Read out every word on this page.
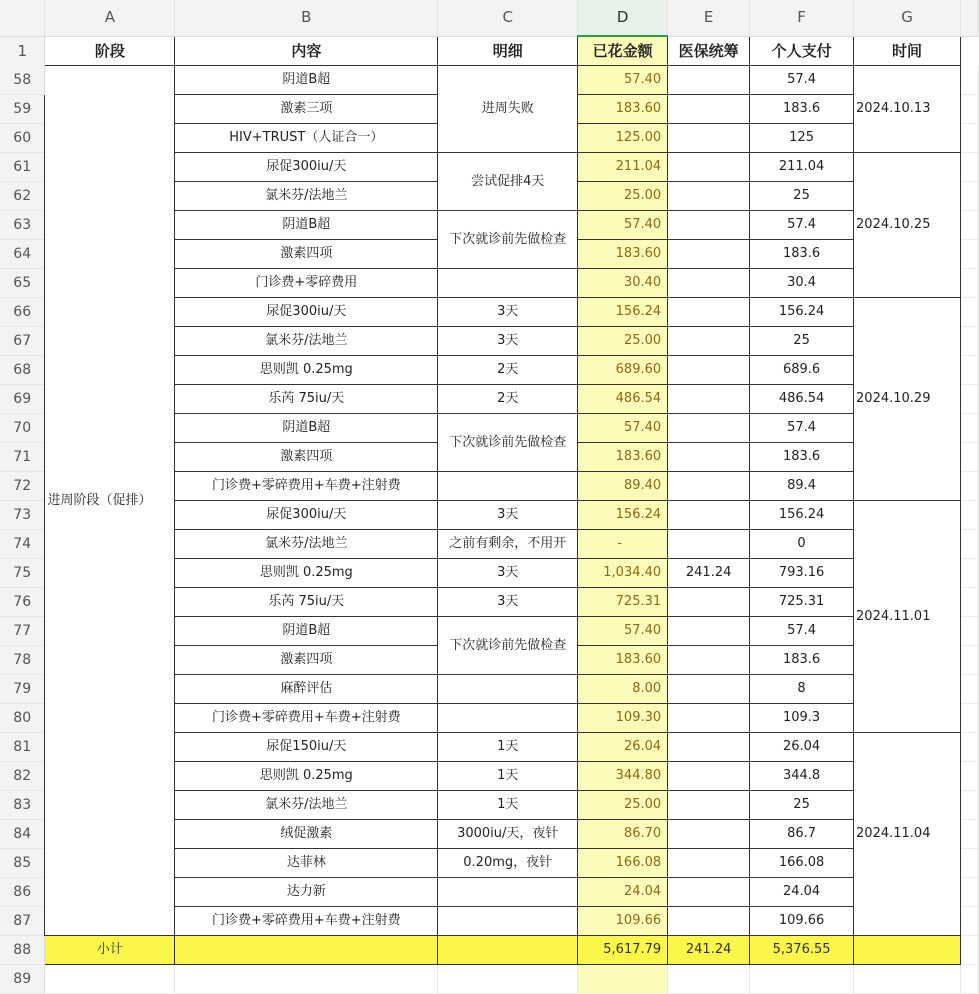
	A	B	C	D	E	F	G	
1	阶段	内容	明细	已花金额	医保统筹	个人支付	时间	
58	进周阶段（促排）	阴道B超	进周失败	57.40		57.4	2024.10.13	
59		激素三项		183.60		183.6		
60		HIV+TRUST（人证合一）		125.00		125		
61		尿促300iu/天	尝试促排4天	211.04		211.04	2024.10.25	
62		氯米芬/法地兰		25.00		25		
63		阴道B超	下次就诊前先做检查	57.40		57.4		
64		激素四项		183.60		183.6		
65		门诊费+零碎费用		30.40		30.4		
66		尿促300iu/天	3天	156.24		156.24	2024.10.29	
67		氯米芬/法地兰	3天	25.00		25		
68		思则凯 0.25mg	2天	689.60		689.6		
69		乐芮 75iu/天	2天	486.54		486.54		
70		阴道B超	下次就诊前先做检查	57.40		57.4		
71		激素四项		183.60		183.6		
72		门诊费+零碎费用+车费+注射费		89.40		89.4		
73		尿促300iu/天	3天	156.24		156.24	2024.11.01	
74		氯米芬/法地兰	之前有剩余，不用开	-		0		
75		思则凯 0.25mg	3天	1,034.40	241.24	793.16		
76		乐芮 75iu/天	3天	725.31		725.31		
77		阴道B超	下次就诊前先做检查	57.40		57.4		
78		激素四项		183.60		183.6		
79		麻醉评估		8.00		8		
80		门诊费+零碎费用+车费+注射费		109.30		109.3		
81		尿促150iu/天	1天	26.04		26.04	2024.11.04	
82		思则凯 0.25mg	1天	344.80		344.8		
83		氯米芬/法地兰	1天	25.00		25		
84		绒促激素	3000iu/天，夜针	86.70		86.7		
85		达菲林	0.20mg，夜针	166.08		166.08		
86		达力新		24.04		24.04		
87		门诊费+零碎费用+车费+注射费		109.66		109.66		
88	小计			5,617.79	241.24	5,376.55		
89								
